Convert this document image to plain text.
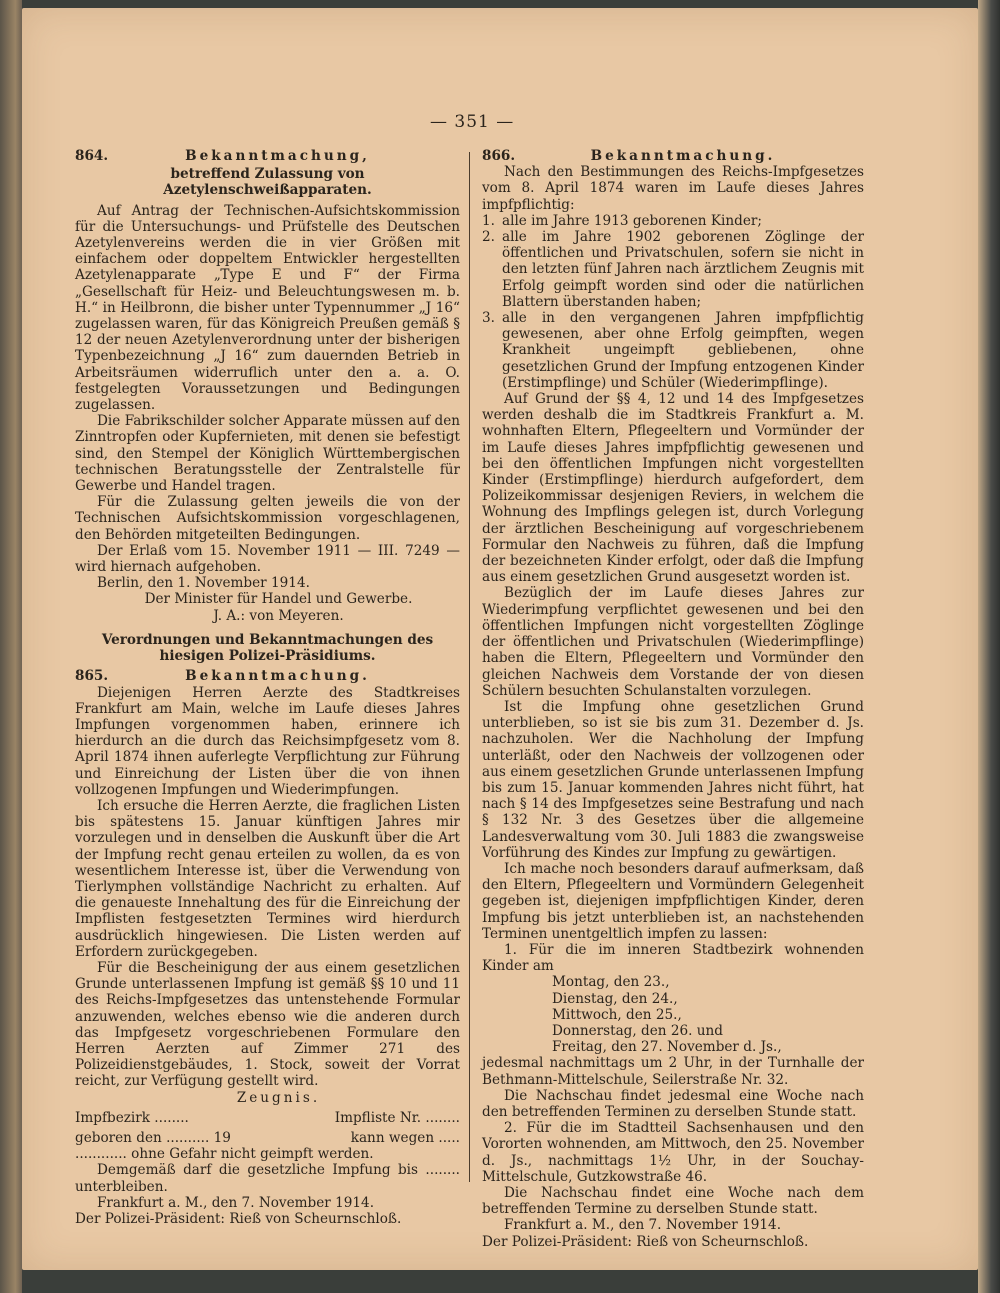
— 351 —
864.	Bekanntmachung,
betreffend Zulassung von Azetylenschweißapparaten.

Auf Antrag der Technischen-Aufsichtskommission für die Untersuchungs- und Prüfstelle des Deutschen Azetylenvereins werden die in vier Größen mit einfachem oder doppeltem Entwickler hergestellten Azetylenapparate „Type E und F“ der Firma „Gesellschaft für Heiz- und Beleuchtungswesen m. b. H.“ in Heilbronn, die bisher unter Typennummer „J 16“ zugelassen waren, für das Königreich Preußen gemäß § 12 der neuen Azetylenverordnung unter der bisherigen Typenbezeichnung „J 16“ zum dauernden Betrieb in Arbeitsräumen widerruflich unter den a. a. O. festgelegten Voraussetzungen und Bedingungen zugelassen.

Die Fabrikschilder solcher Apparate müssen auf den Zinntropfen oder Kupfernieten, mit denen sie befestigt sind, den Stempel der Königlich Württembergischen technischen Beratungsstelle der Zentralstelle für Gewerbe und Handel tragen.

Für die Zulassung gelten jeweils die von der Technischen Aufsichtskommission vorgeschlagenen, den Behörden mitgeteilten Bedingungen.

Der Erlaß vom 15. November 1911 — III. 7249 — wird hiernach aufgehoben.

Berlin, den 1. November 1914.

Der Minister für Handel und Gewerbe.

J. A.: von Meyeren.

Verordnungen und Bekanntmachungen des hiesigen Polizei-Präsidiums.
865.	Bekanntmachung.

Diejenigen Herren Aerzte des Stadtkreises Frankfurt am Main, welche im Laufe dieses Jahres Impfungen vorgenommen haben, erinnere ich hierdurch an die durch das Reichsimpfgesetz vom 8. April 1874 ihnen auferlegte Verpflichtung zur Führung und Einreichung der Listen über die von ihnen vollzogenen Impfungen und Wiederimpfungen.

Ich ersuche die Herren Aerzte, die fraglichen Listen bis spätestens 15. Januar künftigen Jahres mir vorzulegen und in denselben die Auskunft über die Art der Impfung recht genau erteilen zu wollen, da es von wesentlichem Interesse ist, über die Verwendung von Tierlymphen vollständige Nachricht zu erhalten. Auf die genaueste Innehaltung des für die Einreichung der Impflisten festgesetzten Termines wird hierdurch ausdrücklich hingewiesen. Die Listen werden auf Erfordern zurückgegeben.

Für die Bescheinigung der aus einem gesetzlichen Grunde unterlassenen Impfung ist gemäß §§ 10 und 11 des Reichs-Impfgesetzes das untenstehende Formular anzuwenden, welches ebenso wie die anderen durch das Impfgesetz vorgeschriebenen Formulare den Herren Aerzten auf Zimmer 271 des Polizeidienstgebäudes, 1. Stock, soweit der Vorrat reicht, zur Verfügung gestellt wird.

Zeugnis.

Impfbezirk ........	Impfliste Nr. ........
geboren den .......... 19	kann wegen .....

............ ohne Gefahr nicht geimpft werden.

Demgemäß darf die gesetzliche Impfung bis ........ unterbleiben.

Frankfurt a. M., den 7. November 1914.

Der Polizei-Präsident: Rieß von Scheurnschloß.

866.	Bekanntmachung.

Nach den Bestimmungen des Reichs-Impfgesetzes vom 8. April 1874 waren im Laufe dieses Jahres impfpflichtig:

1. alle im Jahre 1913 geborenen Kinder;
2. alle im Jahre 1902 geborenen Zöglinge der öffentlichen und Privatschulen, sofern sie nicht in den letzten fünf Jahren nach ärztlichem Zeugnis mit Erfolg geimpft worden sind oder die natürlichen Blattern überstanden haben;
3. alle in den vergangenen Jahren impfpflichtig gewesenen, aber ohne Erfolg geimpften, wegen Krankheit ungeimpft gebliebenen, ohne gesetzlichen Grund der Impfung entzogenen Kinder (Erstimpflinge) und Schüler (Wiederimpflinge).

Auf Grund der §§ 4, 12 und 14 des Impfgesetzes werden deshalb die im Stadtkreis Frankfurt a. M. wohnhaften Eltern, Pflegeeltern und Vormünder der im Laufe dieses Jahres impfpflichtig gewesenen und bei den öffentlichen Impfungen nicht vorgestellten Kinder (Erstimpflinge) hierdurch aufgefordert, dem Polizeikommissar desjenigen Reviers, in welchem die Wohnung des Impflings gelegen ist, durch Vorlegung der ärztlichen Bescheinigung auf vorgeschriebenem Formular den Nachweis zu führen, daß die Impfung der bezeichneten Kinder erfolgt, oder daß die Impfung aus einem gesetzlichen Grund ausgesetzt worden ist.

Bezüglich der im Laufe dieses Jahres zur Wiederimpfung verpflichtet gewesenen und bei den öffentlichen Impfungen nicht vorgestellten Zöglinge der öffentlichen und Privatschulen (Wiederimpflinge) haben die Eltern, Pflegeeltern und Vormünder den gleichen Nachweis dem Vorstande der von diesen Schülern besuchten Schulanstalten vorzulegen.

Ist die Impfung ohne gesetzlichen Grund unterblieben, so ist sie bis zum 31. Dezember d. Js. nachzuholen. Wer die Nachholung der Impfung unterläßt, oder den Nachweis der vollzogenen oder aus einem gesetzlichen Grunde unterlassenen Impfung bis zum 15. Januar kommenden Jahres nicht führt, hat nach § 14 des Impfgesetzes seine Bestrafung und nach § 132 Nr. 3 des Gesetzes über die allgemeine Landesverwaltung vom 30. Juli 1883 die zwangsweise Vorführung des Kindes zur Impfung zu gewärtigen.

Ich mache noch besonders darauf aufmerksam, daß den Eltern, Pflegeeltern und Vormündern Gelegenheit gegeben ist, diejenigen impfpflichtigen Kinder, deren Impfung bis jetzt unterblieben ist, an nachstehenden Terminen unentgeltlich impfen zu lassen:

1. Für die im inneren Stadtbezirk wohnenden Kinder am

Montag, den 23.,

Dienstag, den 24.,

Mittwoch, den 25.,

Donnerstag, den 26. und

Freitag, den 27. November d. Js.,

jedesmal nachmittags um 2 Uhr, in der Turnhalle der Bethmann-Mittelschule, Seilerstraße Nr. 32.

Die Nachschau findet jedesmal eine Woche nach den betreffenden Terminen zu derselben Stunde statt.

2. Für die im Stadtteil Sachsenhausen und den Vororten wohnenden, am Mittwoch, den 25. November d. Js., nachmittags 1½ Uhr, in der Souchay-Mittelschule, Gutzkowstraße 46.

Die Nachschau findet eine Woche nach dem betreffenden Termine zu derselben Stunde statt.

Frankfurt a. M., den 7. November 1914.

Der Polizei-Präsident: Rieß von Scheurnschloß.
